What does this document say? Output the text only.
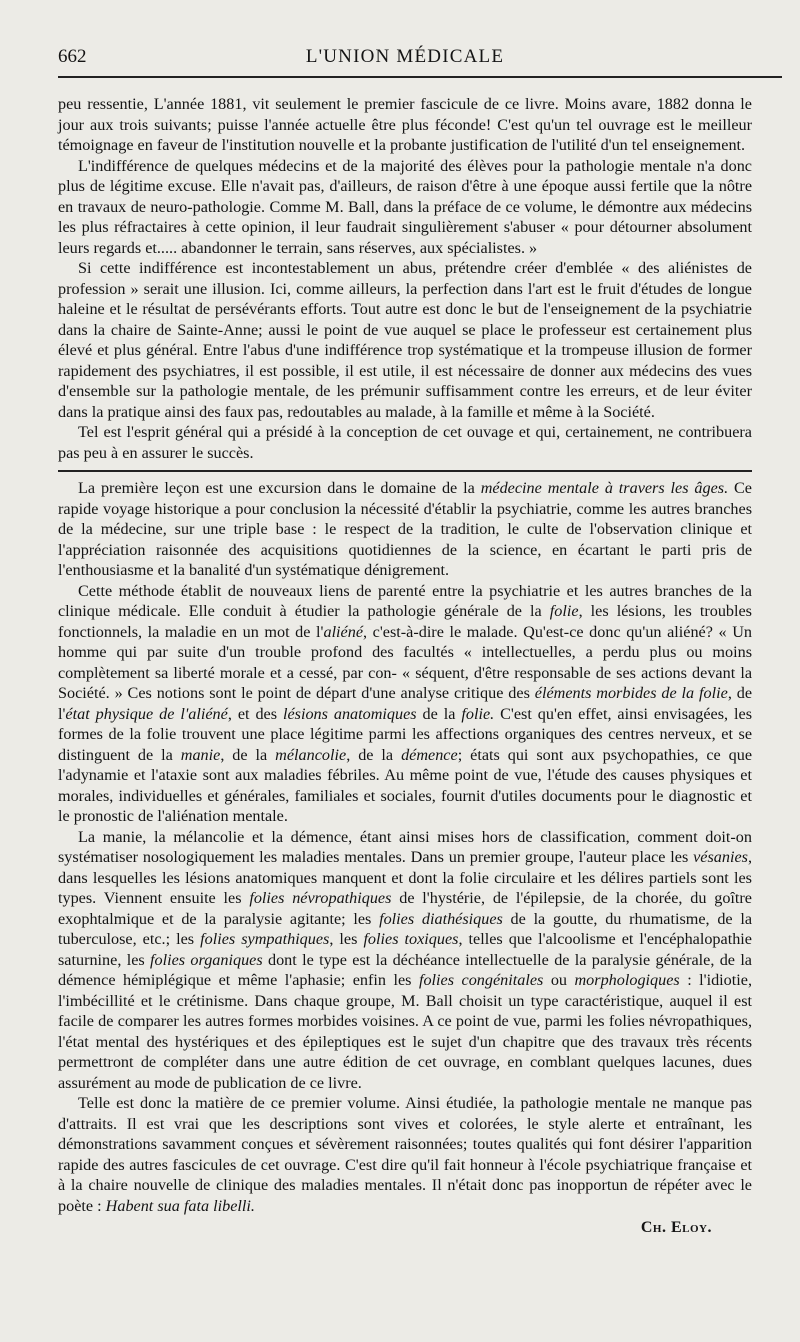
662	L'UNION MÉDICALE

peu ressentie, L'année 1881, vit seulement le premier fascicule de ce livre. Moins avare, 1882 donna le jour aux trois suivants; puisse l'année actuelle être plus féconde! C'est qu'un tel ouvrage est le meilleur témoignage en faveur de l'institution nouvelle et la probante justification de l'utilité d'un tel enseignement.

L'indifférence de quelques médecins et de la majorité des élèves pour la pathologie mentale n'a donc plus de légitime excuse. Elle n'avait pas, d'ailleurs, de raison d'être à une époque aussi fertile que la nôtre en travaux de neuro-pathologie. Comme M. Ball, dans la préface de ce volume, le démontre aux médecins les plus réfractaires à cette opinion, il leur faudrait singulièrement s'abuser « pour détourner absolument leurs regards et..... abandonner le terrain, sans réserves, aux spécialistes. »

Si cette indifférence est incontestablement un abus, prétendre créer d'emblée « des aliénistes de profession » serait une illusion. Ici, comme ailleurs, la perfection dans l'art est le fruit d'études de longue haleine et le résultat de persévérants efforts. Tout autre est donc le but de l'enseignement de la psychiatrie dans la chaire de Sainte-Anne; aussi le point de vue auquel se place le professeur est certainement plus élevé et plus général. Entre l'abus d'une indifférence trop systématique et la trompeuse illusion de former rapidement des psychiatres, il est possible, il est utile, il est nécessaire de donner aux médecins des vues d'ensemble sur la pathologie mentale, de les prémunir suffisamment contre les erreurs, et de leur éviter dans la pratique ainsi des faux pas, redoutables au malade, à la famille et même à la Société.

Tel est l'esprit général qui a présidé à la conception de cet ouvage et qui, certainement, ne contribuera pas peu à en assurer le succès.

La première leçon est une excursion dans le domaine de la médecine mentale à travers les âges. Ce rapide voyage historique a pour conclusion la nécessité d'établir la psychiatrie, comme les autres branches de la médecine, sur une triple base : le respect de la tradition, le culte de l'observation clinique et l'appréciation raisonnée des acquisitions quotidiennes de la science, en écartant le parti pris de l'enthousiasme et la banalité d'un systématique dénigrement.

Cette méthode établit de nouveaux liens de parenté entre la psychiatrie et les autres branches de la clinique médicale. Elle conduit à étudier la pathologie générale de la folie, les lésions, les troubles fonctionnels, la maladie en un mot de l'aliéné, c'est-à-dire le malade. Qu'est-ce donc qu'un aliéné? « Un homme qui par suite d'un trouble profond des facultés « intellectuelles, a perdu plus ou moins complètement sa liberté morale et a cessé, par con- « séquent, d'être responsable de ses actions devant la Société. » Ces notions sont le point de départ d'une analyse critique des éléments morbides de la folie, de l'état physique de l'aliéné, et des lésions anatomiques de la folie. C'est qu'en effet, ainsi envisagées, les formes de la folie trouvent une place légitime parmi les affections organiques des centres nerveux, et se distinguent de la manie, de la mélancolie, de la démence; états qui sont aux psychopathies, ce que l'adynamie et l'ataxie sont aux maladies fébriles. Au même point de vue, l'étude des causes physiques et morales, individuelles et générales, familiales et sociales, fournit d'utiles documents pour le diagnostic et le pronostic de l'aliénation mentale.

La manie, la mélancolie et la démence, étant ainsi mises hors de classification, comment doit-on systématiser nosologiquement les maladies mentales. Dans un premier groupe, l'auteur place les vésanies, dans lesquelles les lésions anatomiques manquent et dont la folie circulaire et les délires partiels sont les types. Viennent ensuite les folies névropathiques de l'hystérie, de l'épilepsie, de la chorée, du goître exophtalmique et de la paralysie agitante; les folies diathésiques de la goutte, du rhumatisme, de la tuberculose, etc.; les folies sympathiques, les folies toxiques, telles que l'alcoolisme et l'encéphalopathie saturnine, les folies organiques dont le type est la déchéance intellectuelle de la paralysie générale, de la démence hémiplégique et même l'aphasie; enfin les folies congénitales ou morphologiques : l'idiotie, l'imbécillité et le crétinisme. Dans chaque groupe, M. Ball choisit un type caractéristique, auquel il est facile de comparer les autres formes morbides voisines. A ce point de vue, parmi les folies névropathiques, l'état mental des hystériques et des épileptiques est le sujet d'un chapitre que des travaux très récents permettront de compléter dans une autre édition de cet ouvrage, en comblant quelques lacunes, dues assurément au mode de publication de ce livre.

Telle est donc la matière de ce premier volume. Ainsi étudiée, la pathologie mentale ne manque pas d'attraits. Il est vrai que les descriptions sont vives et colorées, le style alerte et entraînant, les démonstrations savamment conçues et sévèrement raisonnées; toutes qualités qui font désirer l'apparition rapide des autres fascicules de cet ouvrage. C'est dire qu'il fait honneur à l'école psychiatrique française et à la chaire nouvelle de clinique des maladies mentales. Il n'était donc pas inopportun de répéter avec le poète : Habent sua fata libelli.

Ch. Eloy.
